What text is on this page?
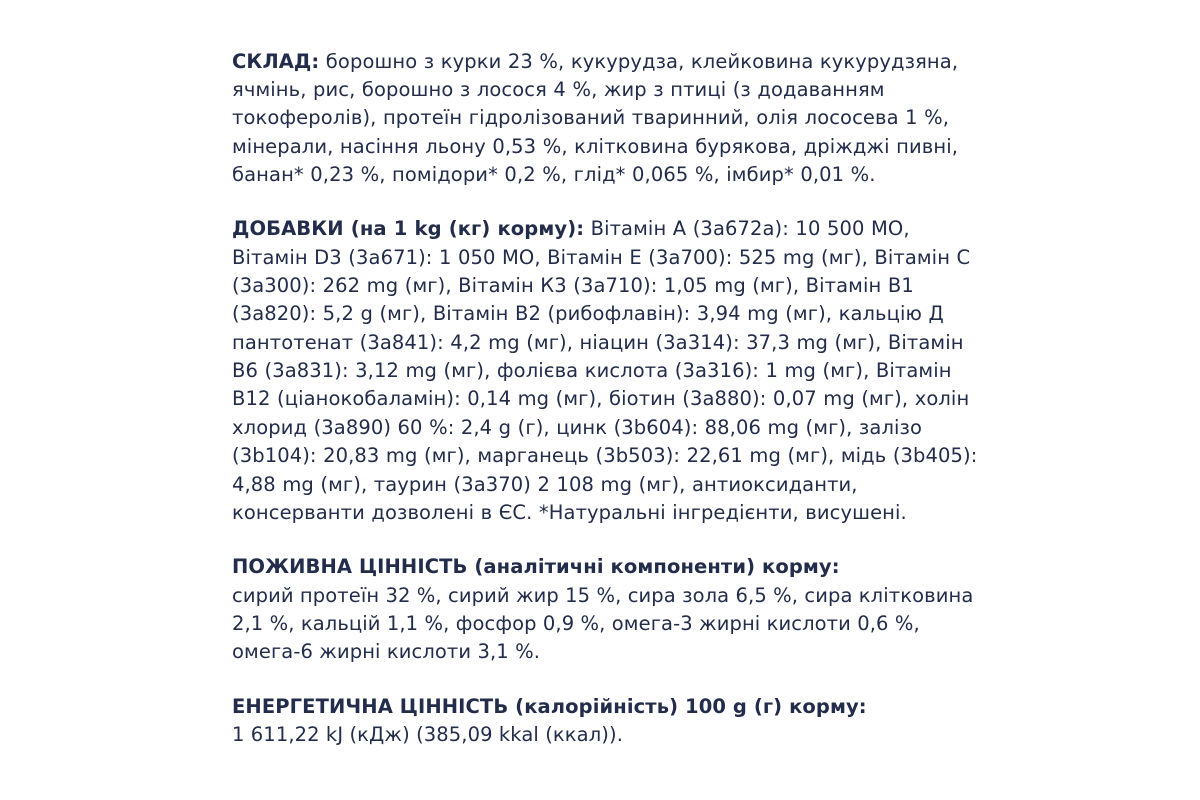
СКЛАД: борошно з курки 23 %, кукурудза, клейковина кукурудзяна, ячмінь, рис, борошно з лосося 4 %, жир з птиці (з додаванням токоферолів), протеїн гідролізований тваринний, олія лососева 1 %, мінерали, насіння льону 0,53 %, клітковина бурякова, дріжджі пивні, банан* 0,23 %, помідори* 0,2 %, глід* 0,065 %, імбир* 0,01 %.

ДОБАВКИ (на 1 kg (кг) корму): Вітамін А (3а672а): 10 500 МО, Вітамін D3 (3а671): 1 050 МО, Вітамін Е (3а700): 525 mg (мг), Вітамін С (3а300): 262 mg (мг), Вітамін К3 (3а710): 1,05 mg (мг), Вітамін В1 (3а820): 5,2 g (мг), Вітамін В2 (рибофлавін): 3,94 mg (мг), кальцію Д пантотенат (3а841): 4,2 mg (мг), ніацин (3а314): 37,3 mg (мг), Вітамін В6 (3а831): 3,12 mg (мг), фолієва кислота (3а316): 1 mg (мг), Вітамін В12 (ціанокобаламін): 0,14 mg (мг), біотин (3а880): 0,07 mg (мг), холін хлорид (3а890) 60 %: 2,4 g (г), цинк (3b604): 88,06 mg (мг), залізо (3b104): 20,83 mg (мг), марганець (3b503): 22,61 mg (мг), мідь (3b405): 4,88 mg (мг), таурин (3а370) 2 108 mg (мг), антиоксиданти, консерванти дозволені в ЄС. *Натуральні інгредієнти, висушені.

ПОЖИВНА ЦІННІСТЬ (аналітичні компоненти) корму:
сирий протеїн 32 %, сирий жир 15 %, сира зола 6,5 %, сира клітковина 2,1 %, кальцій 1,1 %, фосфор 0,9 %, омега-3 жирні кислоти 0,6 %, омега-6 жирні кислоти 3,1 %.
ЕНЕРГЕТИЧНА ЦІННІСТЬ (калорійність) 100 g (г) корму:
1 611,22 kJ (кДж) (385,09 kkal (ккал)).
